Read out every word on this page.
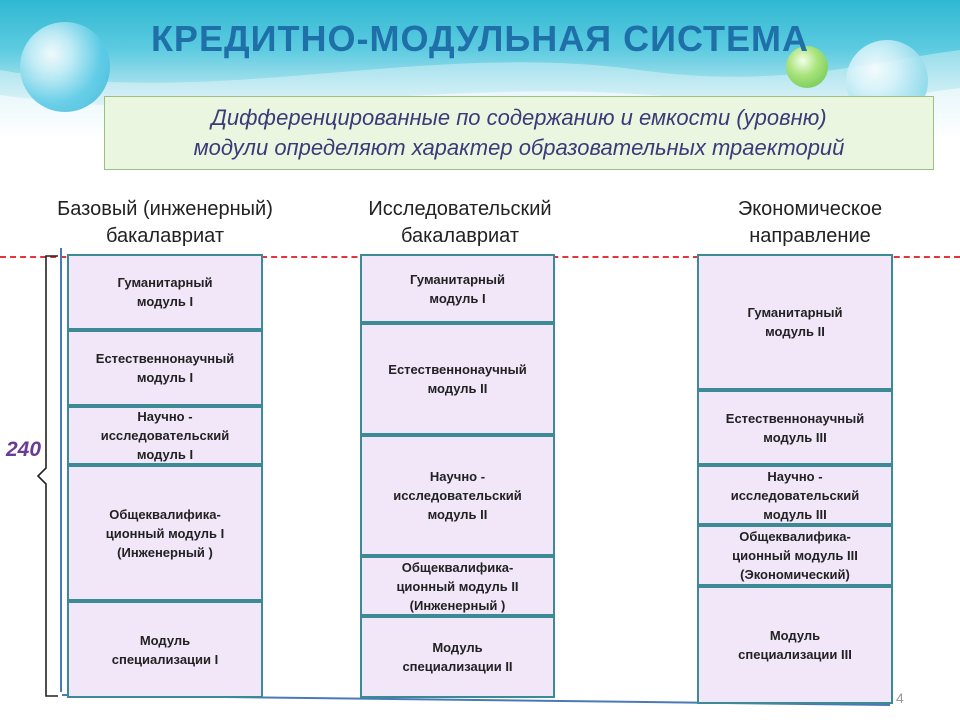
КРЕДИТНО-МОДУЛЬНАЯ СИСТЕМА
Дифференцированные по содержанию и емкости (уровню)
модули определяют характер образовательных траекторий
Базовый (инженерный)
бакалавриат
Исследовательский
бакалавриат
Экономическое
направление
240
Гуманитарный
модуль I
Естественнонаучный
модуль I
Научно -
исследовательский
модуль I
Общеквалифика-
ционный модуль I
(Инженерный )
Модуль
специализации I
Гуманитарный
модуль I
Естественнонаучный
модуль II
Научно -
исследовательский
модуль II
Общеквалифика-
ционный модуль II
(Инженерный )
Модуль
специализации II
Гуманитарный
модуль II
Естественнонаучный
модуль III
Научно -
исследовательский
модуль III
Общеквалифика-
ционный модуль III
(Экономический)
Модуль
специализации III
4
